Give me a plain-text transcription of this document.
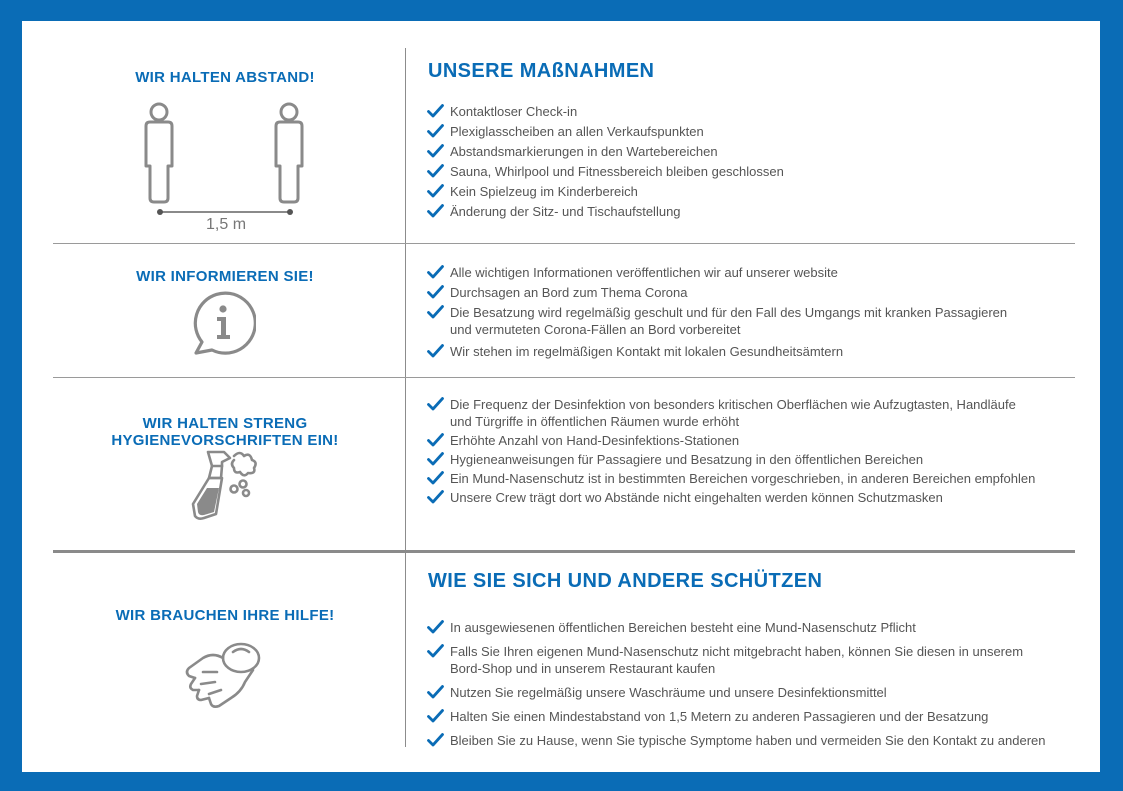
WIR HALTEN ABSTAND!
1,5 m
UNSERE MAßNAHMEN
Kontaktloser Check-in
Plexiglasscheiben an allen Verkaufspunkten
Abstandsmarkierungen in den Wartebereichen
Sauna, Whirlpool und Fitnessbereich bleiben geschlossen
Kein Spielzeug im Kinderbereich
Änderung der Sitz- und Tischaufstellung
WIR INFORMIEREN SIE!	Alle wichtigen Informationen veröffentlichen wir auf unserer website
Durchsagen an Bord zum Thema Corona
Die Besatzung wird regelmäßig geschult und für den Fall des Umgangs mit kranken Passagieren
und vermuteten Corona-Fällen an Bord vorbereitet
Wir stehen im regelmäßigen Kontakt mit lokalen Gesundheitsämtern
WIR HALTEN STRENG
HYGIENEVORSCHRIFTEN EIN!
Die Frequenz der Desinfektion von besonders kritischen Oberflächen wie Aufzugtasten, Handläufe
und Türgriffe in öffentlichen Räumen wurde erhöht
Erhöhte Anzahl von Hand-Desinfektions-Stationen
Hygieneanweisungen für Passagiere und Besatzung in den öffentlichen Bereichen
Ein Mund-Nasenschutz ist in bestimmten Bereichen vorgeschrieben, in anderen Bereichen empfohlen
Unsere Crew trägt dort wo Abstände nicht eingehalten werden können Schutzmasken
WIR BRAUCHEN IHRE HILFE!
WIE SIE SICH UND ANDERE SCHÜTZEN
In ausgewiesenen öffentlichen Bereichen besteht eine Mund-Nasenschutz Pflicht
Falls Sie Ihren eigenen Mund-Nasenschutz nicht mitgebracht haben, können Sie diesen in unserem
Bord-Shop und in unserem Restaurant kaufen
Nutzen Sie regelmäßig unsere Waschräume und unsere Desinfektionsmittel
Halten Sie einen Mindestabstand von 1,5 Metern zu anderen Passagieren und der Besatzung
Bleiben Sie zu Hause, wenn Sie typische Symptome haben und vermeiden Sie den Kontakt zu anderen
